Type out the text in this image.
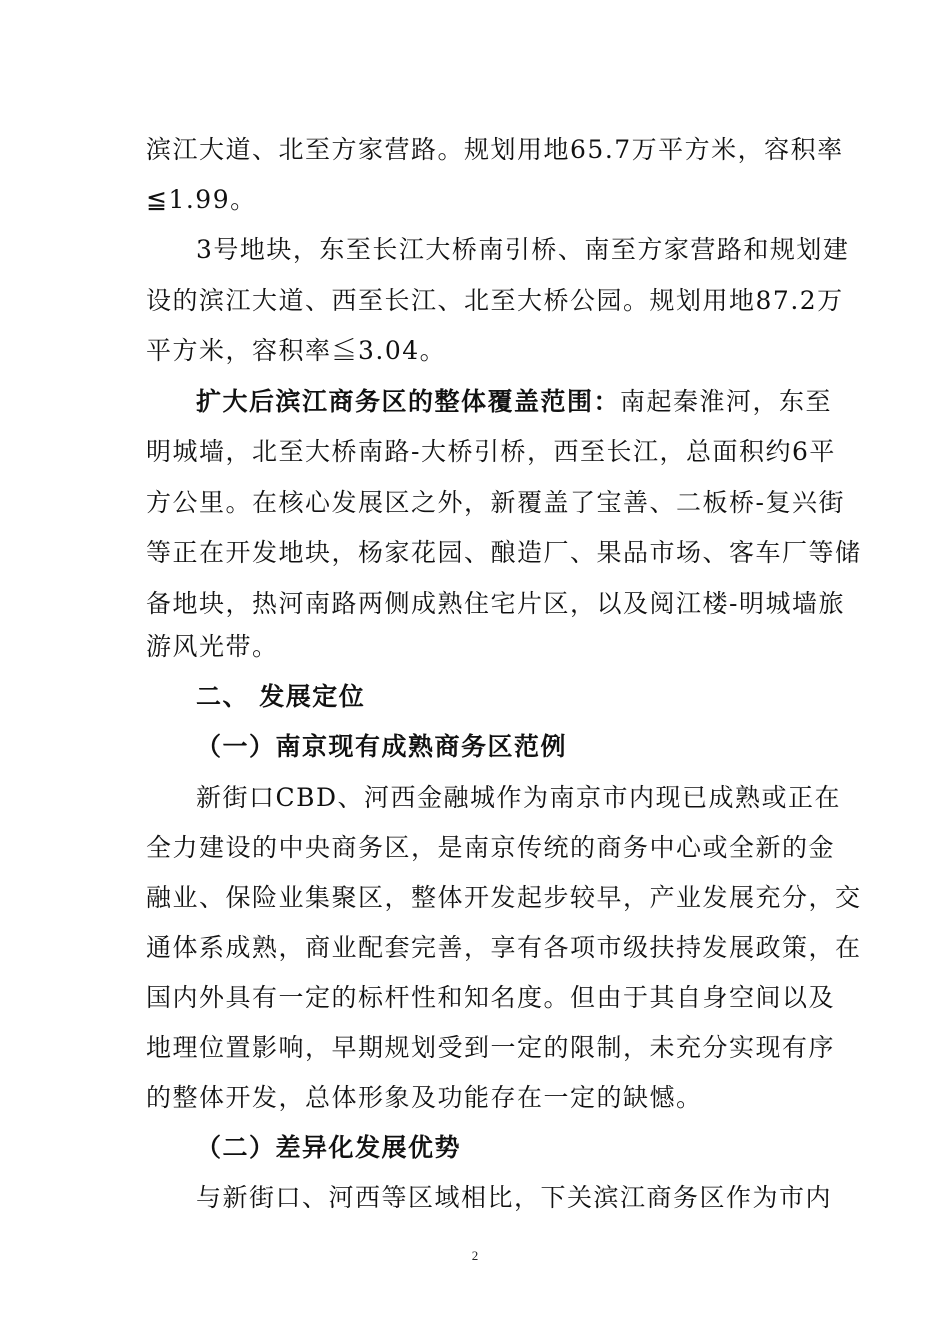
滨江大道、北至方家营路。规划用地65.7万平方米，容积率
≦1.99。
3号地块，东至长江大桥南引桥、南至方家营路和规划建
设的滨江大道、西至长江、北至大桥公园。规划用地87.2万
平方米，容积率≦3.04。
扩大后滨江商务区的整体覆盖范围：南起秦淮河，东至
明城墙，北至大桥南路-大桥引桥，西至长江，总面积约6平
方公里。在核心发展区之外，新覆盖了宝善、二板桥-复兴街
等正在开发地块，杨家花园、酿造厂、果品市场、客车厂等储
备地块，热河南路两侧成熟住宅片区，以及阅江楼-明城墙旅
游风光带。
二、 发展定位
（一）南京现有成熟商务区范例
新街口CBD、河西金融城作为南京市内现已成熟或正在
全力建设的中央商务区，是南京传统的商务中心或全新的金
融业、保险业集聚区，整体开发起步较早，产业发展充分，交
通体系成熟，商业配套完善，享有各项市级扶持发展政策，在
国内外具有一定的标杆性和知名度。但由于其自身空间以及
地理位置影响，早期规划受到一定的限制，未充分实现有序
的整体开发，总体形象及功能存在一定的缺憾。
（二）差异化发展优势
与新街口、河西等区域相比，下关滨江商务区作为市内
2
